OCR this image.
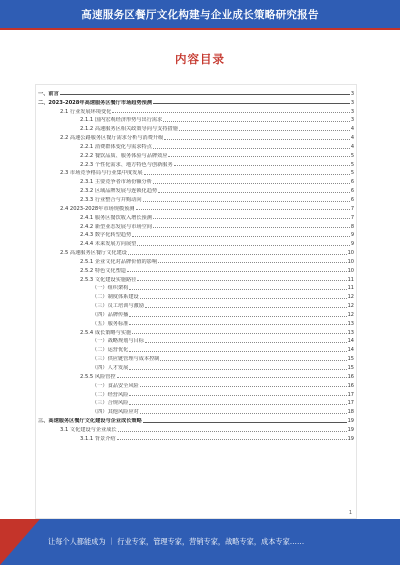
高速服务区餐厅文化构建与企业成长策略研究报告
内容目录
一、前言	3
二、2023-2028年高速服务区餐厅市场趋势预测	3
2.1 行业发展环境变化	3
2.1.1 国内宏观经济形势与出行需求	3
2.1.2 高速服务区相关政策导向与支持措施	4
2.2 高速公路服务区餐厅需求分析与消费升级	4
2.2.1 消费群体变化与需求特点	4
2.2.2 餐饮品质、服务体验与品牌效应	5
2.2.3 个性化需求、地方特色与创新服务	5
2.3 市场竞争格局与行业集中度发展	5
2.3.1 主要竞争者市场份额分析	6
2.3.2 区域品牌发展与连锁化趋势	6
2.3.3 行业整合与并购动向	6
2.4 2023-2028年市场规模预测	7
2.4.1 服务区餐饮收入增长预测	7
2.4.2 新型业态发展与市场空间	8
2.4.3 数字化转型趋势	9
2.4.4 未来发展方向展望	9
2.5 高速服务区餐厅文化建设	10
2.5.1 企业文化对品牌价值的影响	10
2.5.2 特色文化塑造	10
2.5.3 文化建设实施路径	11
（一）组织架构	11
（二）制度体系建设	12
（三）员工培训与激励	12
（四）品牌传播	12
（五）服务标准	13
2.5.4 成长策略与实施	13
（一）战略规划与目标	14
（二）运营优化	14
（三）供应链管理与成本控制	15
（四）人才发展	15
2.5.5 风险管控	16
（一）食品安全风险	16
（二）经营风险	17
（三）合规风险	17
（四）其他风险应对	18
三、高速服务区餐厅文化建设与企业成长策略	19
3.1 文化建设与企业成长	19
3.1.1 背景介绍	19
1
让每个人都能成为 ｜ 行业专家，管理专家，营销专家，战略专家，成本专家……
